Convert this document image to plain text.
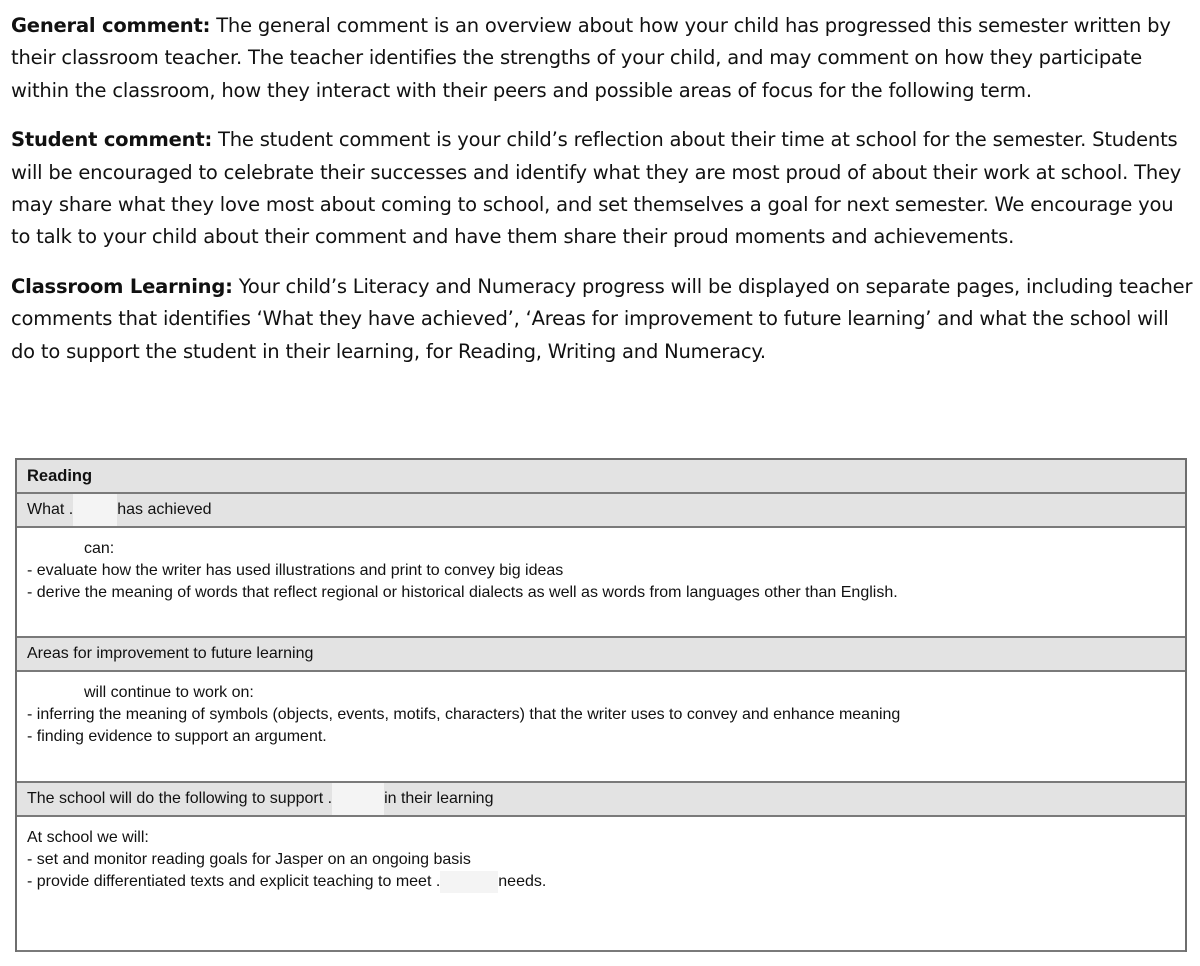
General comment: The general comment is an overview about how your child has progressed this semester written by their classroom teacher. The teacher identifies the strengths of your child, and may comment on how they participate within the classroom, how they interact with their peers and possible areas of focus for the following term.

Student comment: The student comment is your child’s reflection about their time at school for the semester. Students will be encouraged to celebrate their successes and identify what they are most proud of about their work at school. They may share what they love most about coming to school, and set themselves a goal for next semester. We encourage you to talk to your child about their comment and have them share their proud moments and achievements.

Classroom Learning: Your child’s Literacy and Numeracy progress will be displayed on separate pages, including teacher comments that identifies ‘What they have achieved’, ‘Areas for improvement to future learning’ and what the school will do to support the student in their learning, for Reading, Writing and Numeracy.

Reading
What .	has achieved
can:
- evaluate how the writer has used illustrations and print to convey big ideas
- derive the meaning of words that reflect regional or historical dialects as well as words from languages other than English.
Areas for improvement to future learning
will continue to work on:
- inferring the meaning of symbols (objects, events, motifs, characters) that the writer uses to convey and enhance meaning
- finding evidence to support an argument.
The school will do the following to support .	in their learning
At school we will:
- set and monitor reading goals for Jasper on an ongoing basis
- provide differentiated texts and explicit teaching to meet .	needs.
